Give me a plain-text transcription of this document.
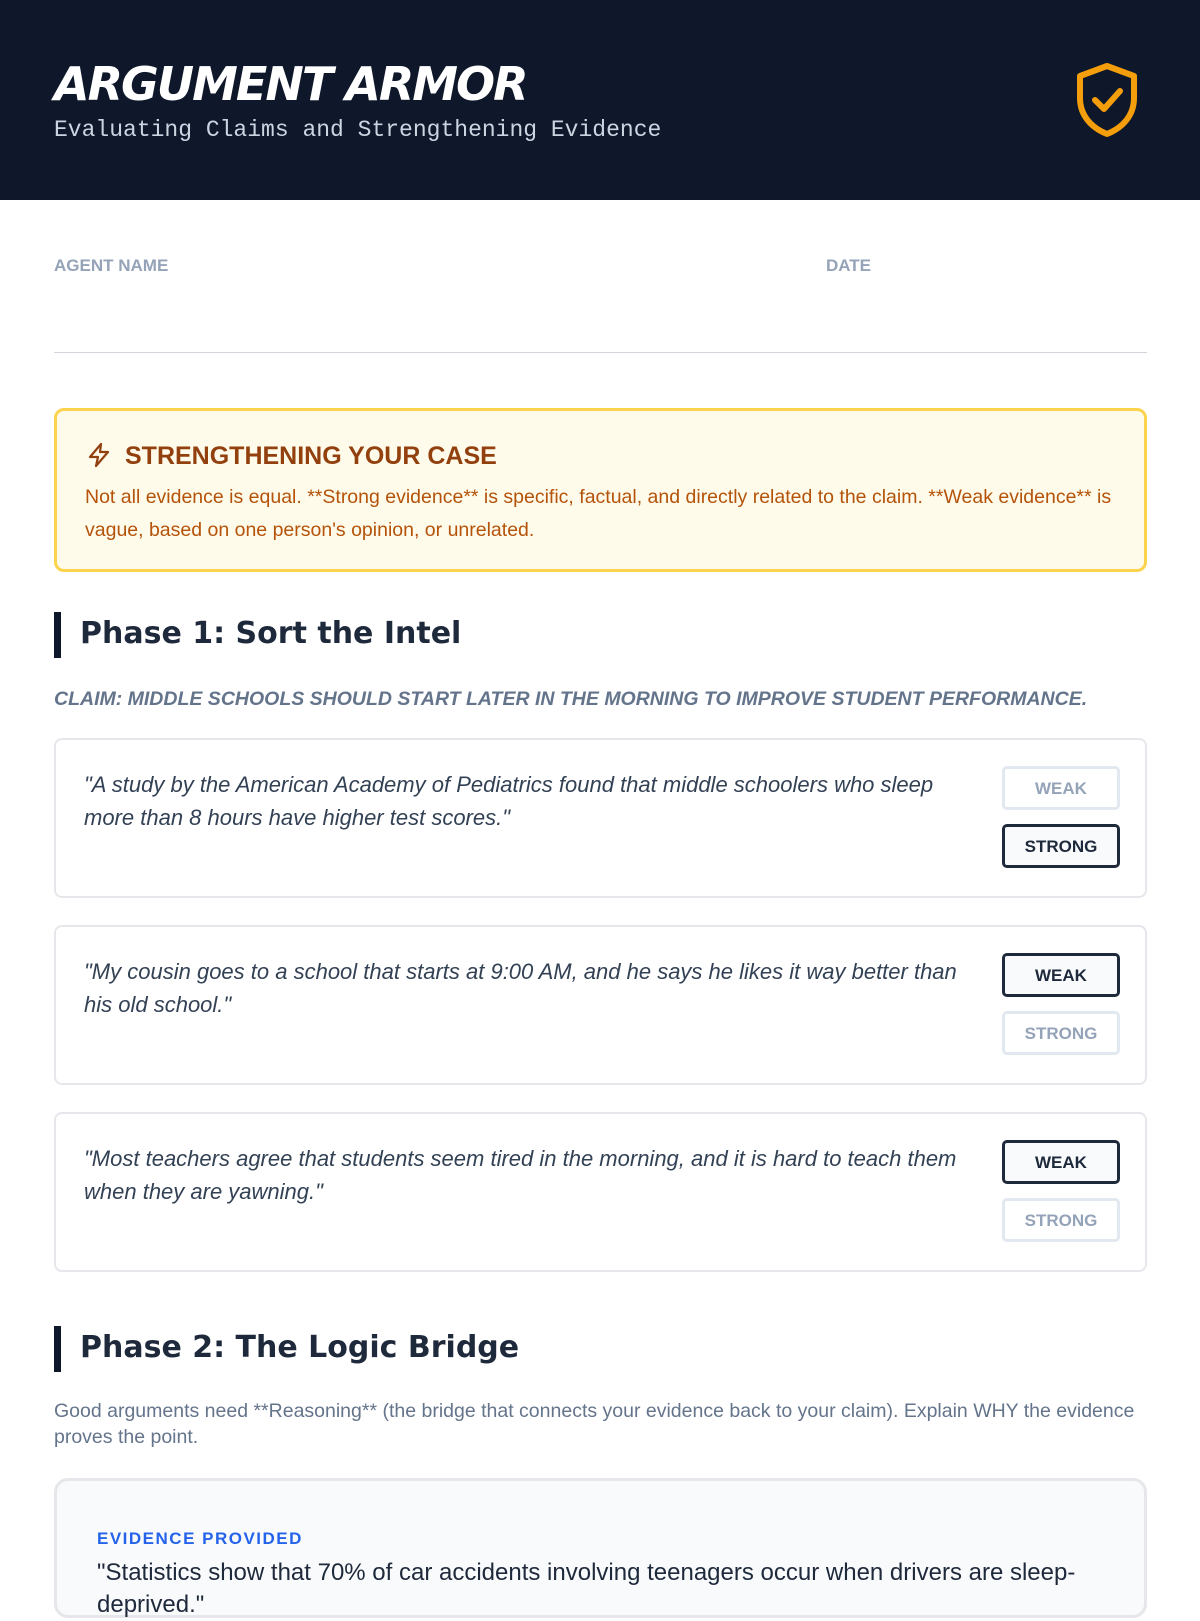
ARGUMENT ARMOR
Evaluating Claims and Strengthening Evidence
AGENT NAME	DATE
STRENGTHENING YOUR CASE
Not all evidence is equal. **Strong evidence** is specific, factual, and directly related to the claim. **Weak evidence** is vague, based on one person's opinion, or unrelated.
Phase 1: Sort the Intel
CLAIM: MIDDLE SCHOOLS SHOULD START LATER IN THE MORNING TO IMPROVE STUDENT PERFORMANCE.
"A study by the American Academy of Pediatrics found that middle schoolers who sleep more than 8 hours have higher test scores."
WEAK
STRONG
"My cousin goes to a school that starts at 9:00 AM, and he says he likes it way better than his old school."
WEAK
STRONG
"Most teachers agree that students seem tired in the morning, and it is hard to teach them when they are yawning."
WEAK
STRONG
Phase 2: The Logic Bridge
Good arguments need **Reasoning** (the bridge that connects your evidence back to your claim). Explain WHY the evidence proves the point.
EVIDENCE PROVIDED
"Statistics show that 70% of car accidents involving teenagers occur when drivers are sleep-deprived."
